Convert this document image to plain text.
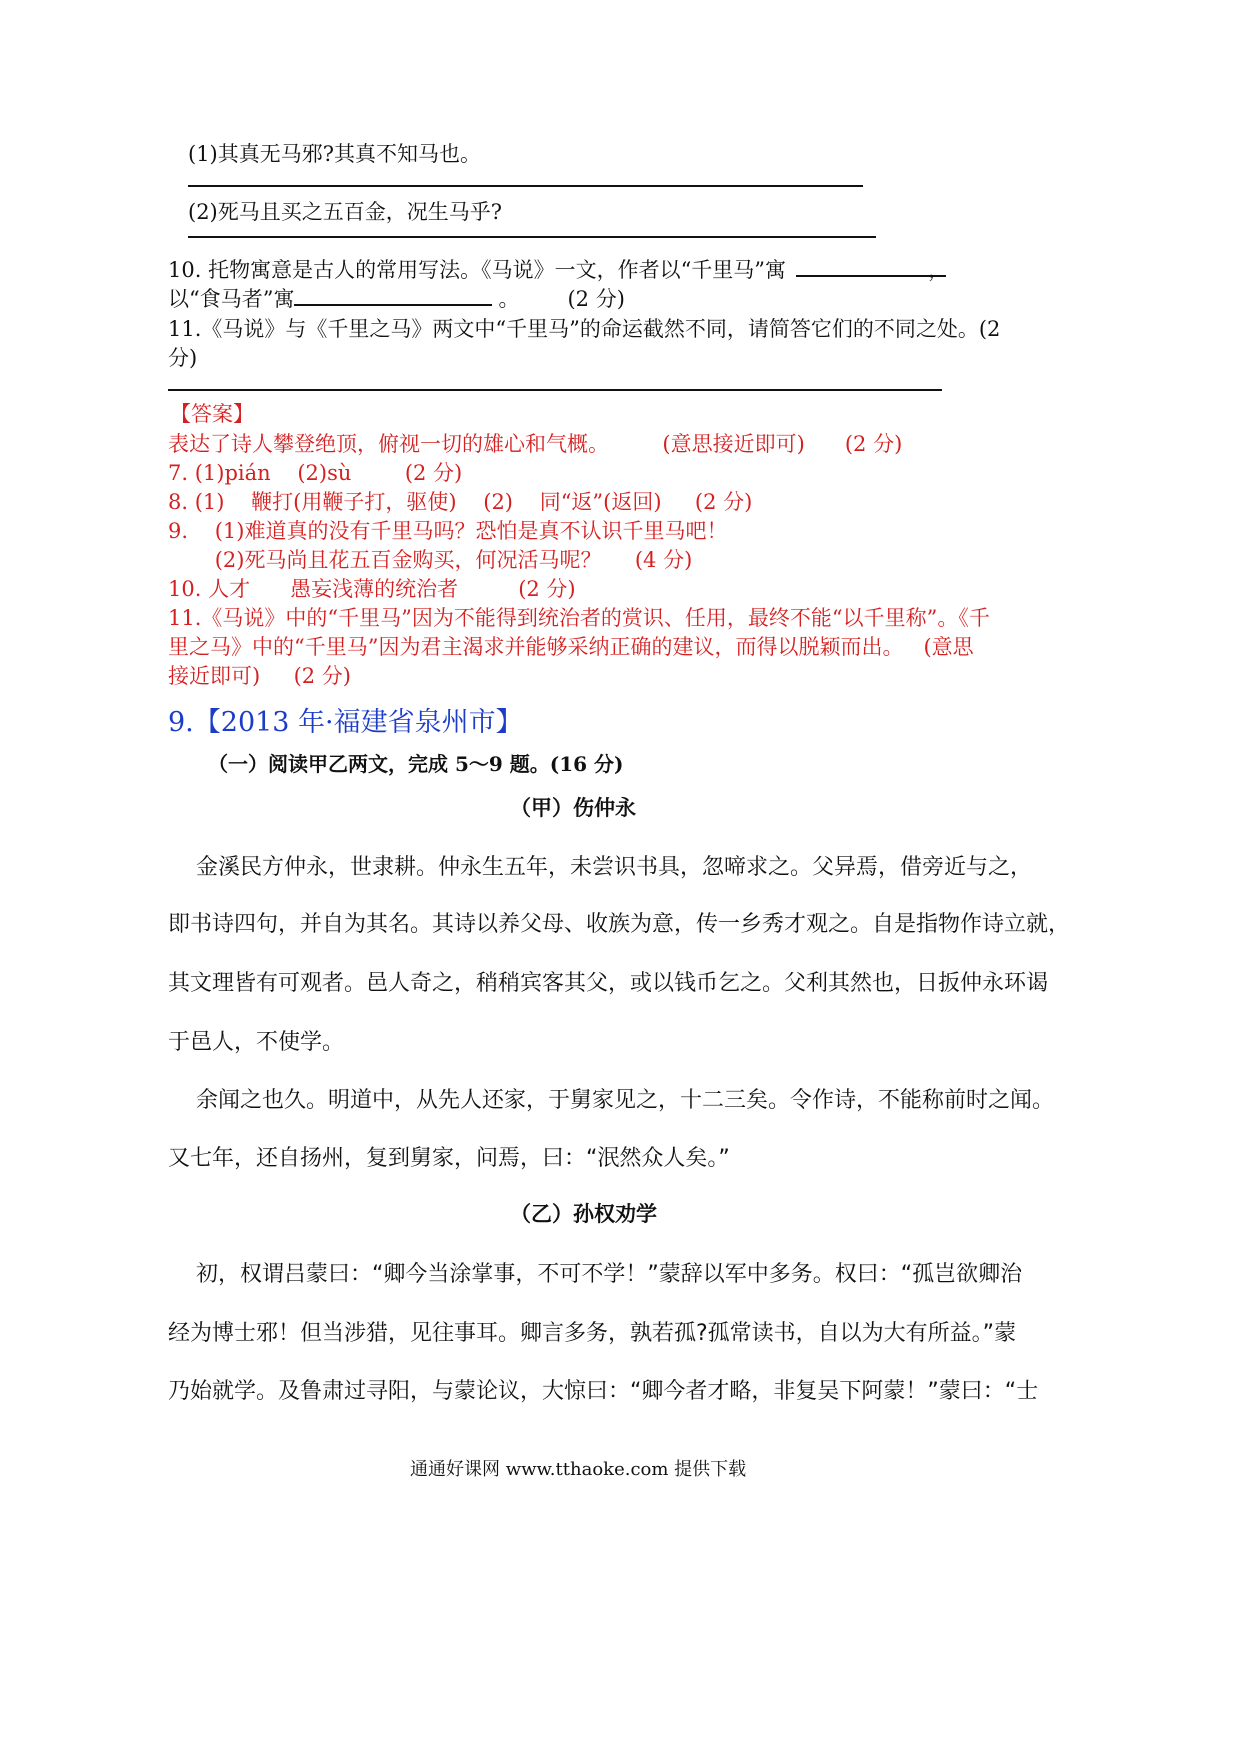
(1)其真无马邪?其真不知马也。
(2)死马且买之五百金，况生马乎?
10. 托物寓意是古人的常用写法。《马说》一文，作者以“千里马”寓	，
以“食马者”寓	。 (2 分)
11.《马说》与《千里之马》两文中“千里马”的命运截然不同，请简答它们的不同之处。(2
分)
【答案】
表达了诗人攀登绝顶，俯视一切的雄心和气概。        (意思接近即可)      (2 分)
7. (1)pián    (2)sù        (2 分)
8. (1)    鞭打(用鞭子打，驱使)    (2)    同“返”(返回)     (2 分)
9.    (1)难道真的没有千里马吗？恐怕是真不认识千里马吧！
(2)死马尚且花五百金购买，何况活马呢？     (4 分)
10. 人才      愚妄浅薄的统治者         (2 分)
11.《马说》中的“千里马”因为不能得到统治者的赏识、任用，最终不能“以千里称”。《千
里之马》中的“千里马”因为君主渴求并能够采纳正确的建议，而得以脱颖而出。   (意思
接近即可)     (2 分)
9.【2013 年·福建省泉州市】
（一）阅读甲乙两文，完成 5～9 题。(16 分)
（甲）伤仲永
金溪民方仲永，世隶耕。仲永生五年，未尝识书具，忽啼求之。父异焉，借旁近与之，
即书诗四句，并自为其名。其诗以养父母、收族为意，传一乡秀才观之。自是指物作诗立就，
其文理皆有可观者。邑人奇之，稍稍宾客其父，或以钱币乞之。父利其然也，日扳仲永环谒
于邑人，不使学。
余闻之也久。明道中，从先人还家，于舅家见之，十二三矣。令作诗，不能称前时之闻。
又七年，还自扬州，复到舅家，问焉，曰：“泯然众人矣。”
（乙）孙权劝学
初，权谓吕蒙曰：“卿今当涂掌事，不可不学！”蒙辞以军中多务。权曰：“孤岂欲卿治
经为博士邪！但当涉猎，见往事耳。卿言多务，孰若孤?孤常读书，自以为大有所益。”蒙
乃始就学。及鲁肃过寻阳，与蒙论议，大惊曰：“卿今者才略，非复吴下阿蒙！”蒙曰：“士
通通好课网 www.tthaoke.com 提供下载
